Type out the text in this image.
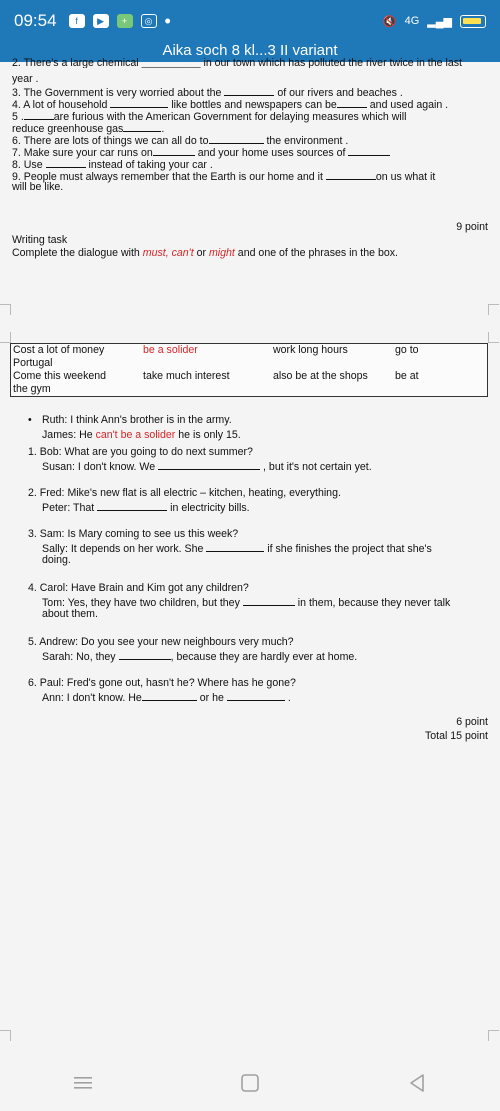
09:54	f	▶	+	◎ •	🔇 4G ▂▄▆
Aika soch 8 kl...3 II variant
2. There's a large chemical __________ in our town which has polluted the river twice in the last

year .

3. The Government is very worried about the	of our rivers and beaches .

4. A lot of household	like bottles and newspapers can be	and used again .

5 .	are furious with the American Government for delaying measures which will

reduce greenhouse gas	.

6. There are lots of things we can all do to	the environment .

7. Make sure your car runs on	and your home uses sources of

8. Use	instead of taking your car .

9. People must always remember that the Earth is our home and it	on us what it

will be like.

9 point

Writing task

Complete the dialogue with must, can't or might and one of the phrases in the box.

Cost a lot of money	be a solider	work long hours	go to
Portugal			
Come this weekend	take much interest	also be at the shops	be at
the gym			
• Ruth: I think Ann's brother is in the army.

James: He can't be a solider he is only 15.

1. Bob: What are you going to do next summer?

Susan: I don't know. We	, but it's not certain yet.

2. Fred: Mike's new flat is all electric – kitchen, heating, everything.

Peter: That	in electricity bills.

3. Sam: Is Mary coming to see us this week?

Sally: It depends on her work. She	if she finishes the project that she's

doing.

4. Carol: Have Brain and Kim got any children?

Tom: Yes, they have two children, but they	in them, because they never talk

about them.

5. Andrew: Do you see your new neighbours very much?

Sarah: No, they	, because they are hardly ever at home.

6. Paul: Fred's gone out, hasn't he? Where has he gone?

Ann: I don't know. He	or he	.

6 point
Total 15 point
